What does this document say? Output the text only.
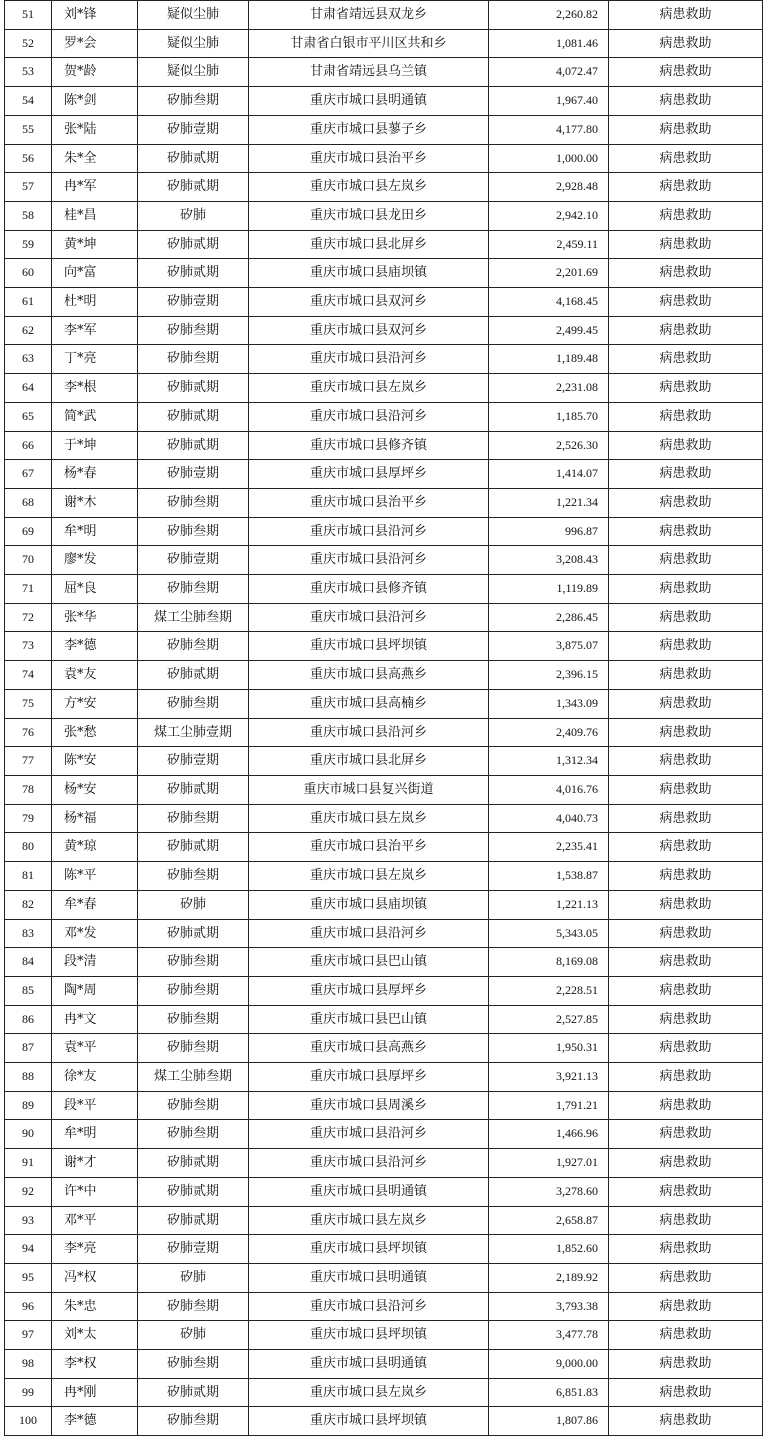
51	刘*锋	疑似尘肺	甘肃省靖远县双龙乡	2,260.82	病患救助
52	罗*会	疑似尘肺	甘肃省白银市平川区共和乡	1,081.46	病患救助
53	贺*龄	疑似尘肺	甘肃省靖远县乌兰镇	4,072.47	病患救助
54	陈*剑	矽肺叁期	重庆市城口县明通镇	1,967.40	病患救助
55	张*陆	矽肺壹期	重庆市城口县蓼子乡	4,177.80	病患救助
56	朱*全	矽肺贰期	重庆市城口县治平乡	1,000.00	病患救助
57	冉*军	矽肺贰期	重庆市城口县左岚乡	2,928.48	病患救助
58	桂*昌	矽肺	重庆市城口县龙田乡	2,942.10	病患救助
59	黄*坤	矽肺贰期	重庆市城口县北屏乡	2,459.11	病患救助
60	向*富	矽肺贰期	重庆市城口县庙坝镇	2,201.69	病患救助
61	杜*明	矽肺壹期	重庆市城口县双河乡	4,168.45	病患救助
62	李*军	矽肺叁期	重庆市城口县双河乡	2,499.45	病患救助
63	丁*亮	矽肺叁期	重庆市城口县沿河乡	1,189.48	病患救助
64	李*根	矽肺贰期	重庆市城口县左岚乡	2,231.08	病患救助
65	简*武	矽肺贰期	重庆市城口县沿河乡	1,185.70	病患救助
66	于*坤	矽肺贰期	重庆市城口县修齐镇	2,526.30	病患救助
67	杨*春	矽肺壹期	重庆市城口县厚坪乡	1,414.07	病患救助
68	谢*木	矽肺叁期	重庆市城口县治平乡	1,221.34	病患救助
69	牟*明	矽肺叁期	重庆市城口县沿河乡	996.87	病患救助
70	廖*发	矽肺壹期	重庆市城口县沿河乡	3,208.43	病患救助
71	屈*良	矽肺叁期	重庆市城口县修齐镇	1,119.89	病患救助
72	张*华	煤工尘肺叁期	重庆市城口县沿河乡	2,286.45	病患救助
73	李*德	矽肺叁期	重庆市城口县坪坝镇	3,875.07	病患救助
74	袁*友	矽肺贰期	重庆市城口县高燕乡	2,396.15	病患救助
75	方*安	矽肺叁期	重庆市城口县高楠乡	1,343.09	病患救助
76	张*愁	煤工尘肺壹期	重庆市城口县沿河乡	2,409.76	病患救助
77	陈*安	矽肺壹期	重庆市城口县北屏乡	1,312.34	病患救助
78	杨*安	矽肺贰期	重庆市城口县复兴街道	4,016.76	病患救助
79	杨*福	矽肺叁期	重庆市城口县左岚乡	4,040.73	病患救助
80	黄*琼	矽肺贰期	重庆市城口县治平乡	2,235.41	病患救助
81	陈*平	矽肺叁期	重庆市城口县左岚乡	1,538.87	病患救助
82	牟*春	矽肺	重庆市城口县庙坝镇	1,221.13	病患救助
83	邓*发	矽肺贰期	重庆市城口县沿河乡	5,343.05	病患救助
84	段*清	矽肺叁期	重庆市城口县巴山镇	8,169.08	病患救助
85	陶*周	矽肺叁期	重庆市城口县厚坪乡	2,228.51	病患救助
86	冉*文	矽肺叁期	重庆市城口县巴山镇	2,527.85	病患救助
87	袁*平	矽肺叁期	重庆市城口县高燕乡	1,950.31	病患救助
88	徐*友	煤工尘肺叁期	重庆市城口县厚坪乡	3,921.13	病患救助
89	段*平	矽肺叁期	重庆市城口县周溪乡	1,791.21	病患救助
90	牟*明	矽肺叁期	重庆市城口县沿河乡	1,466.96	病患救助
91	谢*才	矽肺贰期	重庆市城口县沿河乡	1,927.01	病患救助
92	许*中	矽肺贰期	重庆市城口县明通镇	3,278.60	病患救助
93	邓*平	矽肺贰期	重庆市城口县左岚乡	2,658.87	病患救助
94	李*亮	矽肺壹期	重庆市城口县坪坝镇	1,852.60	病患救助
95	冯*权	矽肺	重庆市城口县明通镇	2,189.92	病患救助
96	朱*忠	矽肺叁期	重庆市城口县沿河乡	3,793.38	病患救助
97	刘*太	矽肺	重庆市城口县坪坝镇	3,477.78	病患救助
98	李*权	矽肺叁期	重庆市城口县明通镇	9,000.00	病患救助
99	冉*刚	矽肺贰期	重庆市城口县左岚乡	6,851.83	病患救助
100	李*德	矽肺叁期	重庆市城口县坪坝镇	1,807.86	病患救助
